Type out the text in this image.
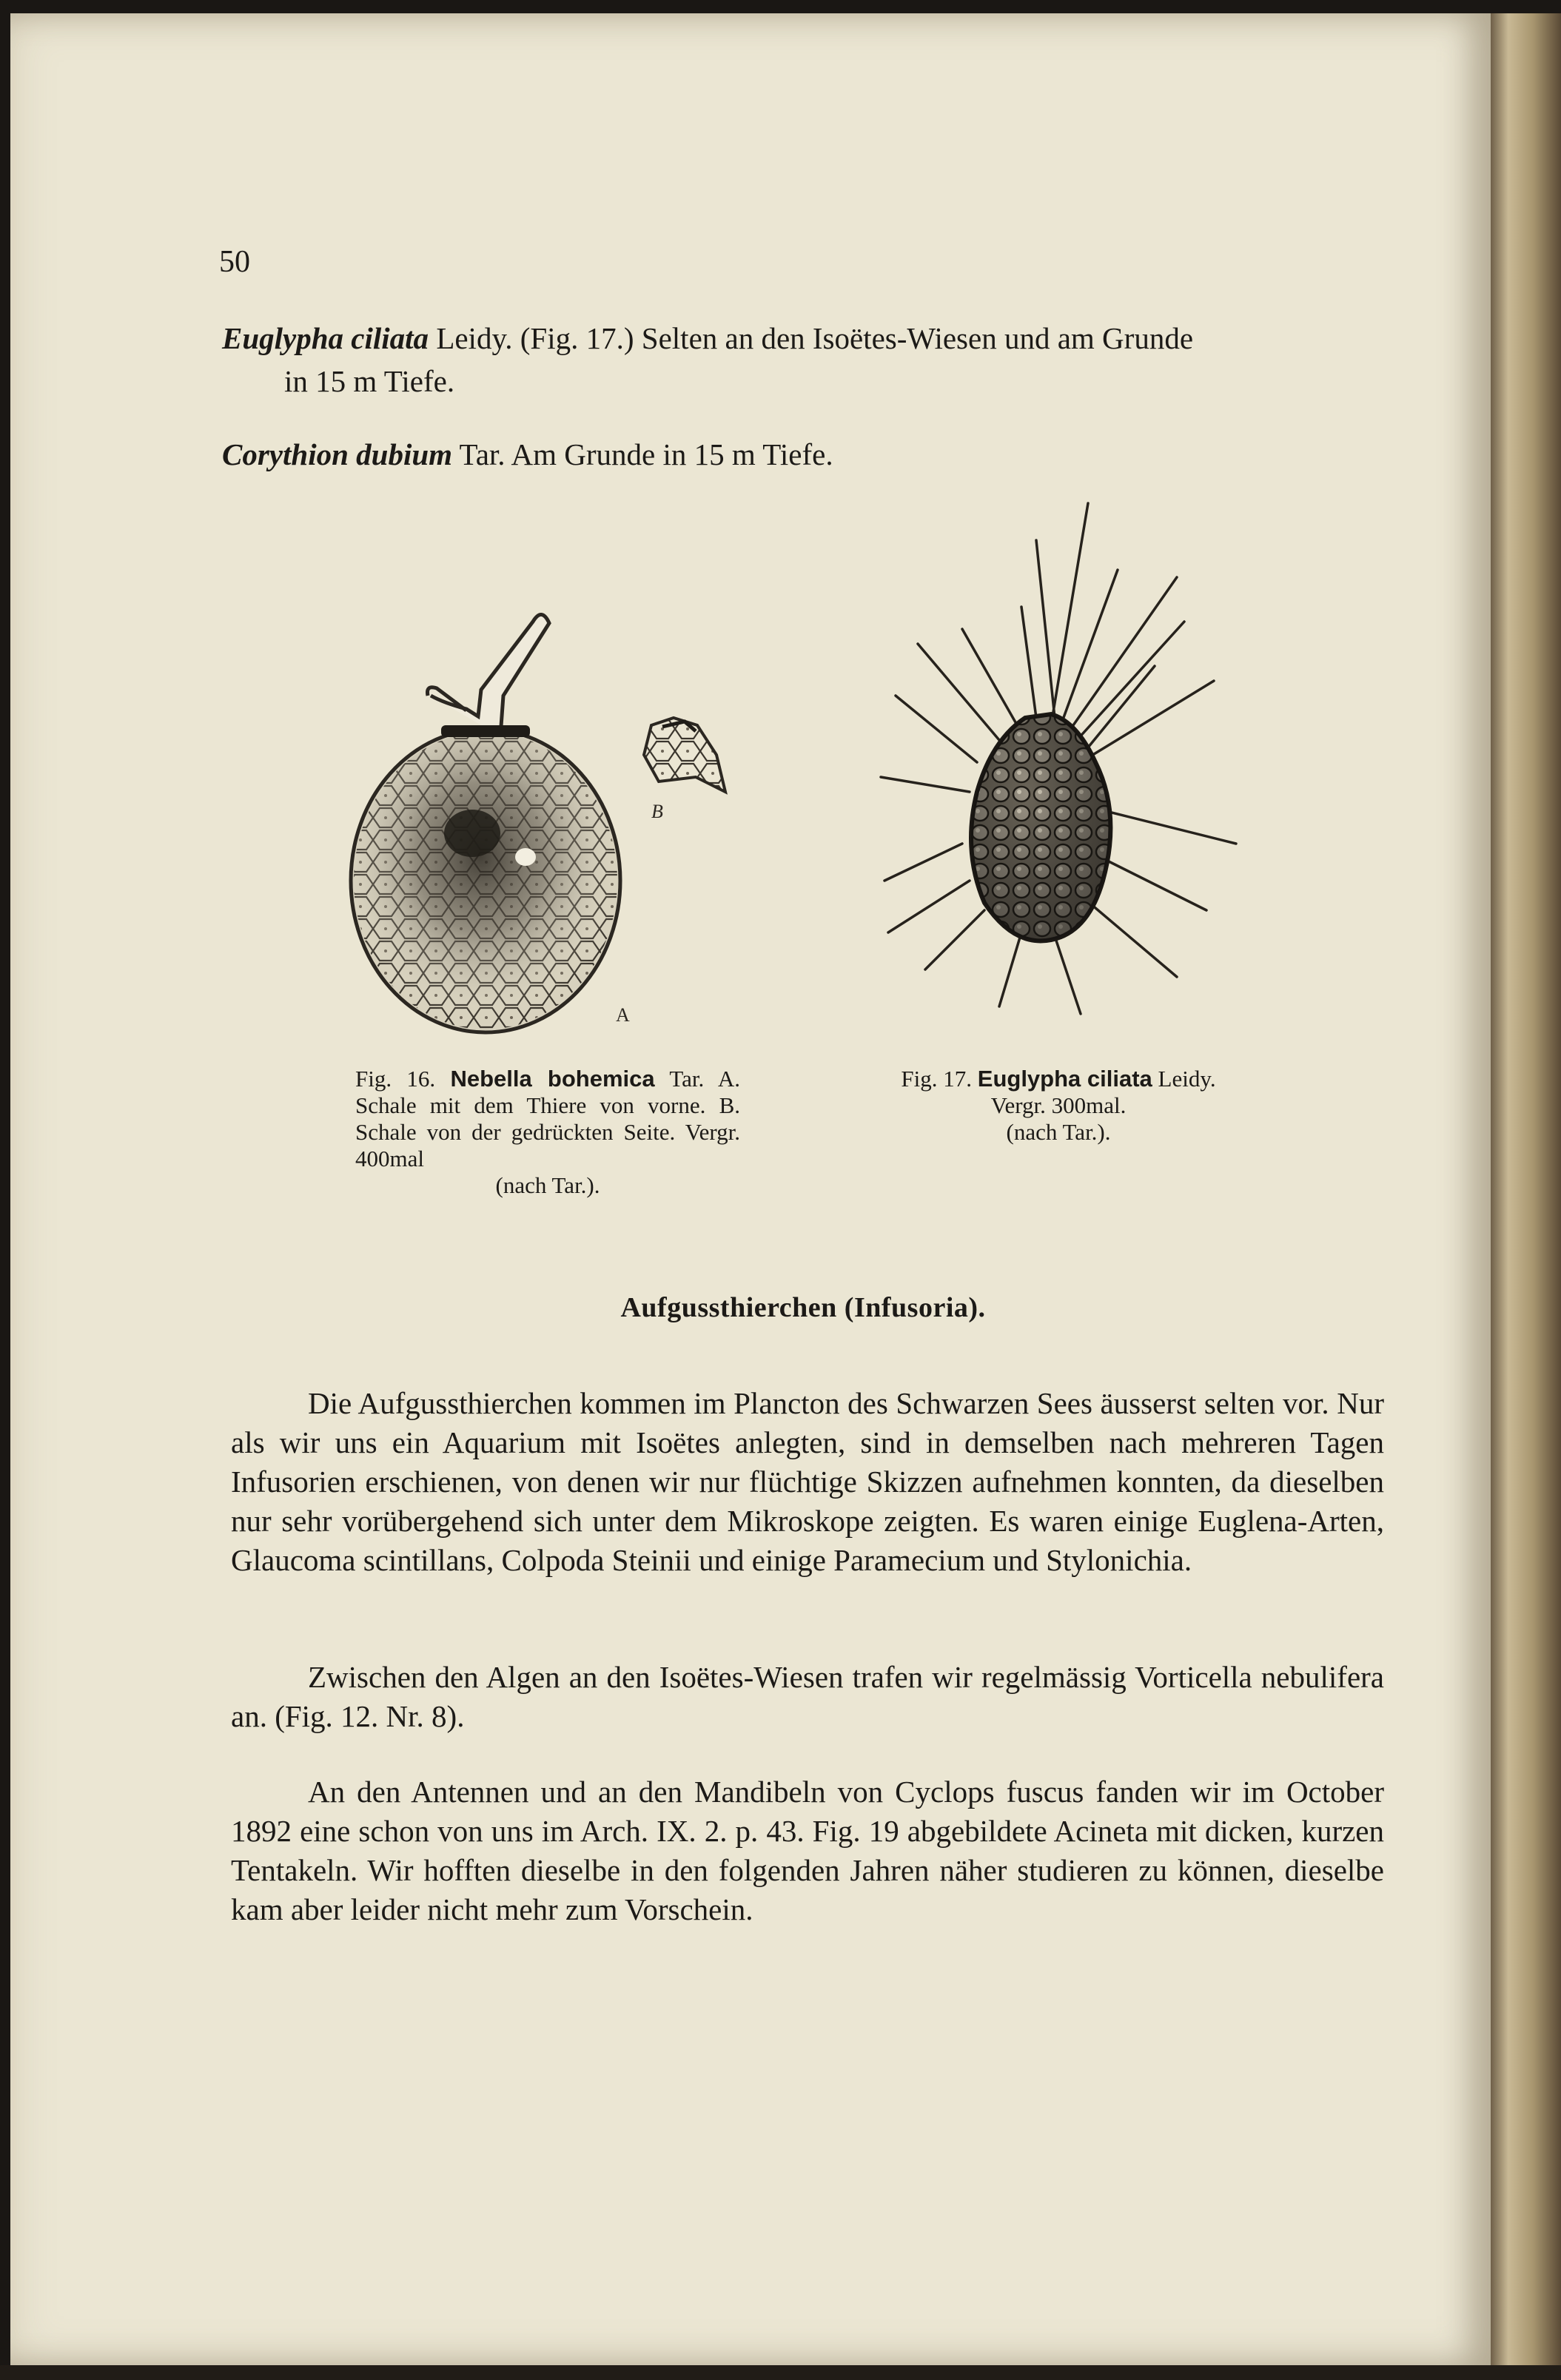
50
Euglypha ciliata Leidy. (Fig. 17.) Selten an den Isoëtes-Wiesen und am Grunde
in 15 m Tiefe.
Corythion dubium Tar. Am Grunde in 15 m Tiefe.
B
A
Fig. 16. Nebella bohemica Tar. A. Schale mit dem Thiere von vorne. B. Schale von der gedrückten Seite. Vergr. 400mal
(nach Tar.).
Fig. 17. Euglypha ciliata Leidy.
Vergr. 300mal.
(nach Tar.).
Aufgussthierchen (Infusoria).

Die Aufgussthierchen kommen im Plancton des Schwarzen Sees äusserst selten vor. Nur als wir uns ein Aquarium mit Isoëtes anlegten, sind in demselben nach mehreren Tagen Infusorien erschienen, von denen wir nur flüchtige Skizzen aufnehmen konnten, da dieselben nur sehr vorübergehend sich unter dem Mikroskope zeigten. Es waren einige Euglena-Arten, Glaucoma scintillans, Colpoda Steinii und einige Paramecium und Stylonichia.

Zwischen den Algen an den Isoëtes-Wiesen trafen wir regelmässig Vorticella nebulifera an. (Fig. 12. Nr. 8).

An den Antennen und an den Mandibeln von Cyclops fuscus fanden wir im October 1892 eine schon von uns im Arch. IX. 2. p. 43. Fig. 19 abgebildete Acineta mit dicken, kurzen Tentakeln. Wir hofften dieselbe in den folgenden Jahren näher studieren zu können, dieselbe kam aber leider nicht mehr zum Vorschein.
